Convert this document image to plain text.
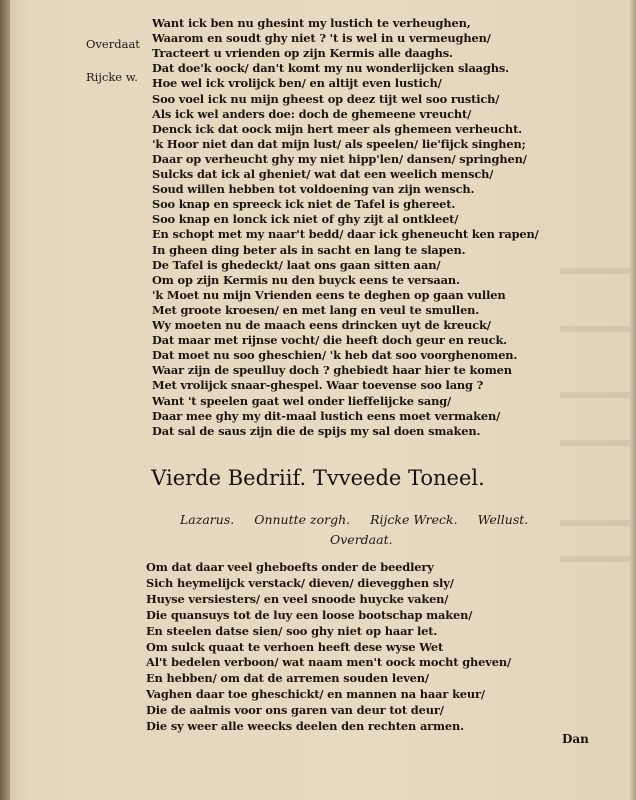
Overdaat
Rijcke w.
Want ick ben nu ghesint my lustich te verheughen,
Waarom en soudt ghy niet ? 't is wel in u vermeughen/
Tracteert u vrienden op zijn Kermis alle daaghs.
Dat doe'k oock/ dan't komt my nu wonderlijcken slaaghs.
Hoe wel ick vrolijck ben/ en altijt even lustich/
Soo voel ick nu mijn gheest op deez tijt wel soo rustich/
Als ick wel anders doe: doch de ghemeene vreucht/
Denck ick dat oock mijn hert meer als ghemeen verheucht.
'k Hoor niet dan dat mijn lust/ als speelen/ lie'fijck singhen;
Daar op verheucht ghy my niet hipp'len/ dansen/ springhen/
Sulcks dat ick al gheniet/ wat dat een weelich mensch/
Soud willen hebben tot voldoening van zijn wensch.
Soo knap en spreeck ick niet de Tafel is ghereet.
Soo knap en lonck ick niet of ghy zijt al ontkleet/
En schopt met my naar't bedd/ daar ick gheneucht ken rapen/
In gheen ding beter als in sacht en lang te slapen.
De Tafel is ghedeckt/ laat ons gaan sitten aan/
Om op zijn Kermis nu den buyck eens te versaan.
'k Moet nu mijn Vrienden eens te deghen op gaan vullen
Met groote kroesen/ en met lang en veul te smullen.
Wy moeten nu de maach eens drincken uyt de kreuck/
Dat maar met rijnse vocht/ die heeft doch geur en reuck.
Dat moet nu soo gheschien/ 'k heb dat soo voorghenomen.
Waar zijn de speulluy doch ? ghebiedt haar hier te komen
Met vrolijck snaar-ghespel. Waar toevense soo lang ?
Want 't speelen gaat wel onder lieffelijcke sang/
Daar mee ghy my dit-maal lustich eens moet vermaken/
Dat sal de saus zijn die de spijs my sal doen smaken.
Vierde Bedriif. Tvveede Toneel.
Lazarus. Onnutte zorgh. Rijcke Wreck. Wellust.
Overdaat.
Om dat daar veel gheboefts onder de beedlery
Sich heymelijck verstack/ dieven/ dievegghen sly/
Huyse versiesters/ en veel snoode huycke vaken/
Die quansuys tot de luy een loose bootschap maken/
En steelen datse sien/ soo ghy niet op haar let.
Om sulck quaat te verhoen heeft dese wyse Wet
Al't bedelen verboon/ wat naam men't oock mocht gheven/
En hebben/ om dat de arremen souden leven/
Vaghen daar toe gheschickt/ en mannen na haar keur/
Die de aalmis voor ons garen van deur tot deur/
Die sy weer alle weecks deelen den rechten armen.
Dan
